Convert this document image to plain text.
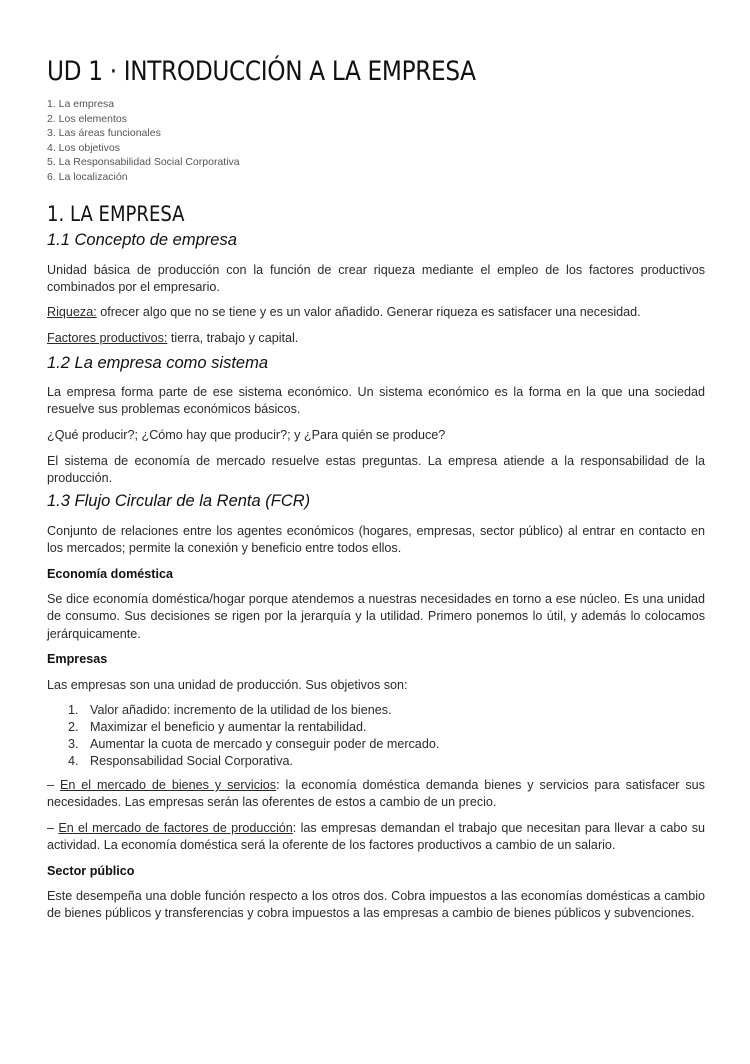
UD 1 · INTRODUCCIÓN A LA EMPRESA
1. La empresa
2. Los elementos
3. Las áreas funcionales
4. Los objetivos
5. La Responsabilidad Social Corporativa
6. La localización
1. LA EMPRESA
1.1 Concepto de empresa

Unidad básica de producción con la función de crear riqueza mediante el empleo de los factores productivos combinados por el empresario.

Riqueza: ofrecer algo que no se tiene y es un valor añadido. Generar riqueza es satisfacer una necesidad.

Factores productivos: tierra, trabajo y capital.

1.2 La empresa como sistema

La empresa forma parte de ese sistema económico. Un sistema económico es la forma en la que una sociedad resuelve sus problemas económicos básicos.

¿Qué producir?; ¿Cómo hay que producir?; y ¿Para quién se produce?

El sistema de economía de mercado resuelve estas preguntas. La empresa atiende a la responsabilidad de la producción.

1.3 Flujo Circular de la Renta (FCR)

Conjunto de relaciones entre los agentes económicos (hogares, empresas, sector público) al entrar en contacto en los mercados; permite la conexión y beneficio entre todos ellos.

Economía doméstica

Se dice economía doméstica/hogar porque atendemos a nuestras necesidades en torno a ese núcleo. Es una unidad de consumo. Sus decisiones se rigen por la jerarquía y la utilidad. Primero ponemos lo útil, y además lo colocamos jerárquicamente.

Empresas

Las empresas son una unidad de producción. Sus objetivos son:

1. Valor añadido: incremento de la utilidad de los bienes.
2. Maximizar el beneficio y aumentar la rentabilidad.
3. Aumentar la cuota de mercado y conseguir poder de mercado.
4. Responsabilidad Social Corporativa.

– En el mercado de bienes y servicios: la economía doméstica demanda bienes y servicios para satisfacer sus necesidades. Las empresas serán las oferentes de estos a cambio de un precio.

– En el mercado de factores de producción: las empresas demandan el trabajo que necesitan para llevar a cabo su actividad. La economía doméstica será la oferente de los factores productivos a cambio de un salario.

Sector público

Este desempeña una doble función respecto a los otros dos. Cobra impuestos a las economías domésticas a cambio de bienes públicos y transferencias y cobra impuestos a las empresas a cambio de bienes públicos y subvenciones.
